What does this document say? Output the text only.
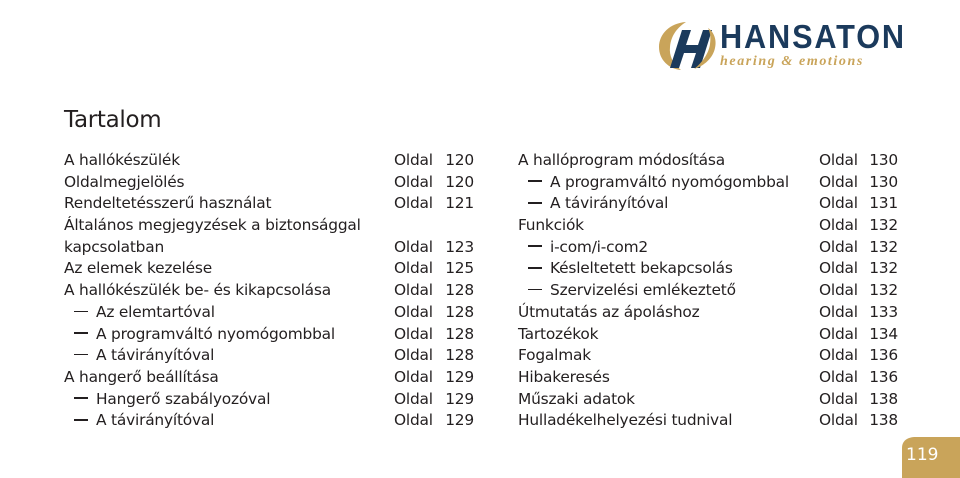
HANSATON
hearing & emotions
Tartalom
A hallókészülék	Oldal 120
Oldalmegjelölés	Oldal 120
Rendeltetésszerű használat	Oldal 121
Általános megjegyzések a biztonsággal
kapcsolatban	Oldal 123
Az elemek kezelése	Oldal 125
A hallókészülék be- és kikapcsolása	Oldal 128
Az elemtartóval	Oldal 128
A programváltó nyomógombbal	Oldal 128
A távirányítóval	Oldal 128
A hangerő beállítása	Oldal 129
Hangerő szabályozóval	Oldal 129
A távirányítóval	Oldal 129
A hallóprogram módosítása	Oldal 130
A programváltó nyomógombbal Oldal 130
A távirányítóval	Oldal 131
Funkciók	Oldal 132
i-com/i-com2	Oldal 132
Késleltetett bekapcsolás	Oldal 132
Szervizelési emlékeztető	Oldal 132
Útmutatás az ápoláshoz	Oldal 133
Tartozékok	Oldal 134
Fogalmak	Oldal 136
Hibakeresés	Oldal 136
Műszaki adatok	Oldal 138
Hulladékelhelyezési tudnival	Oldal 138
119
